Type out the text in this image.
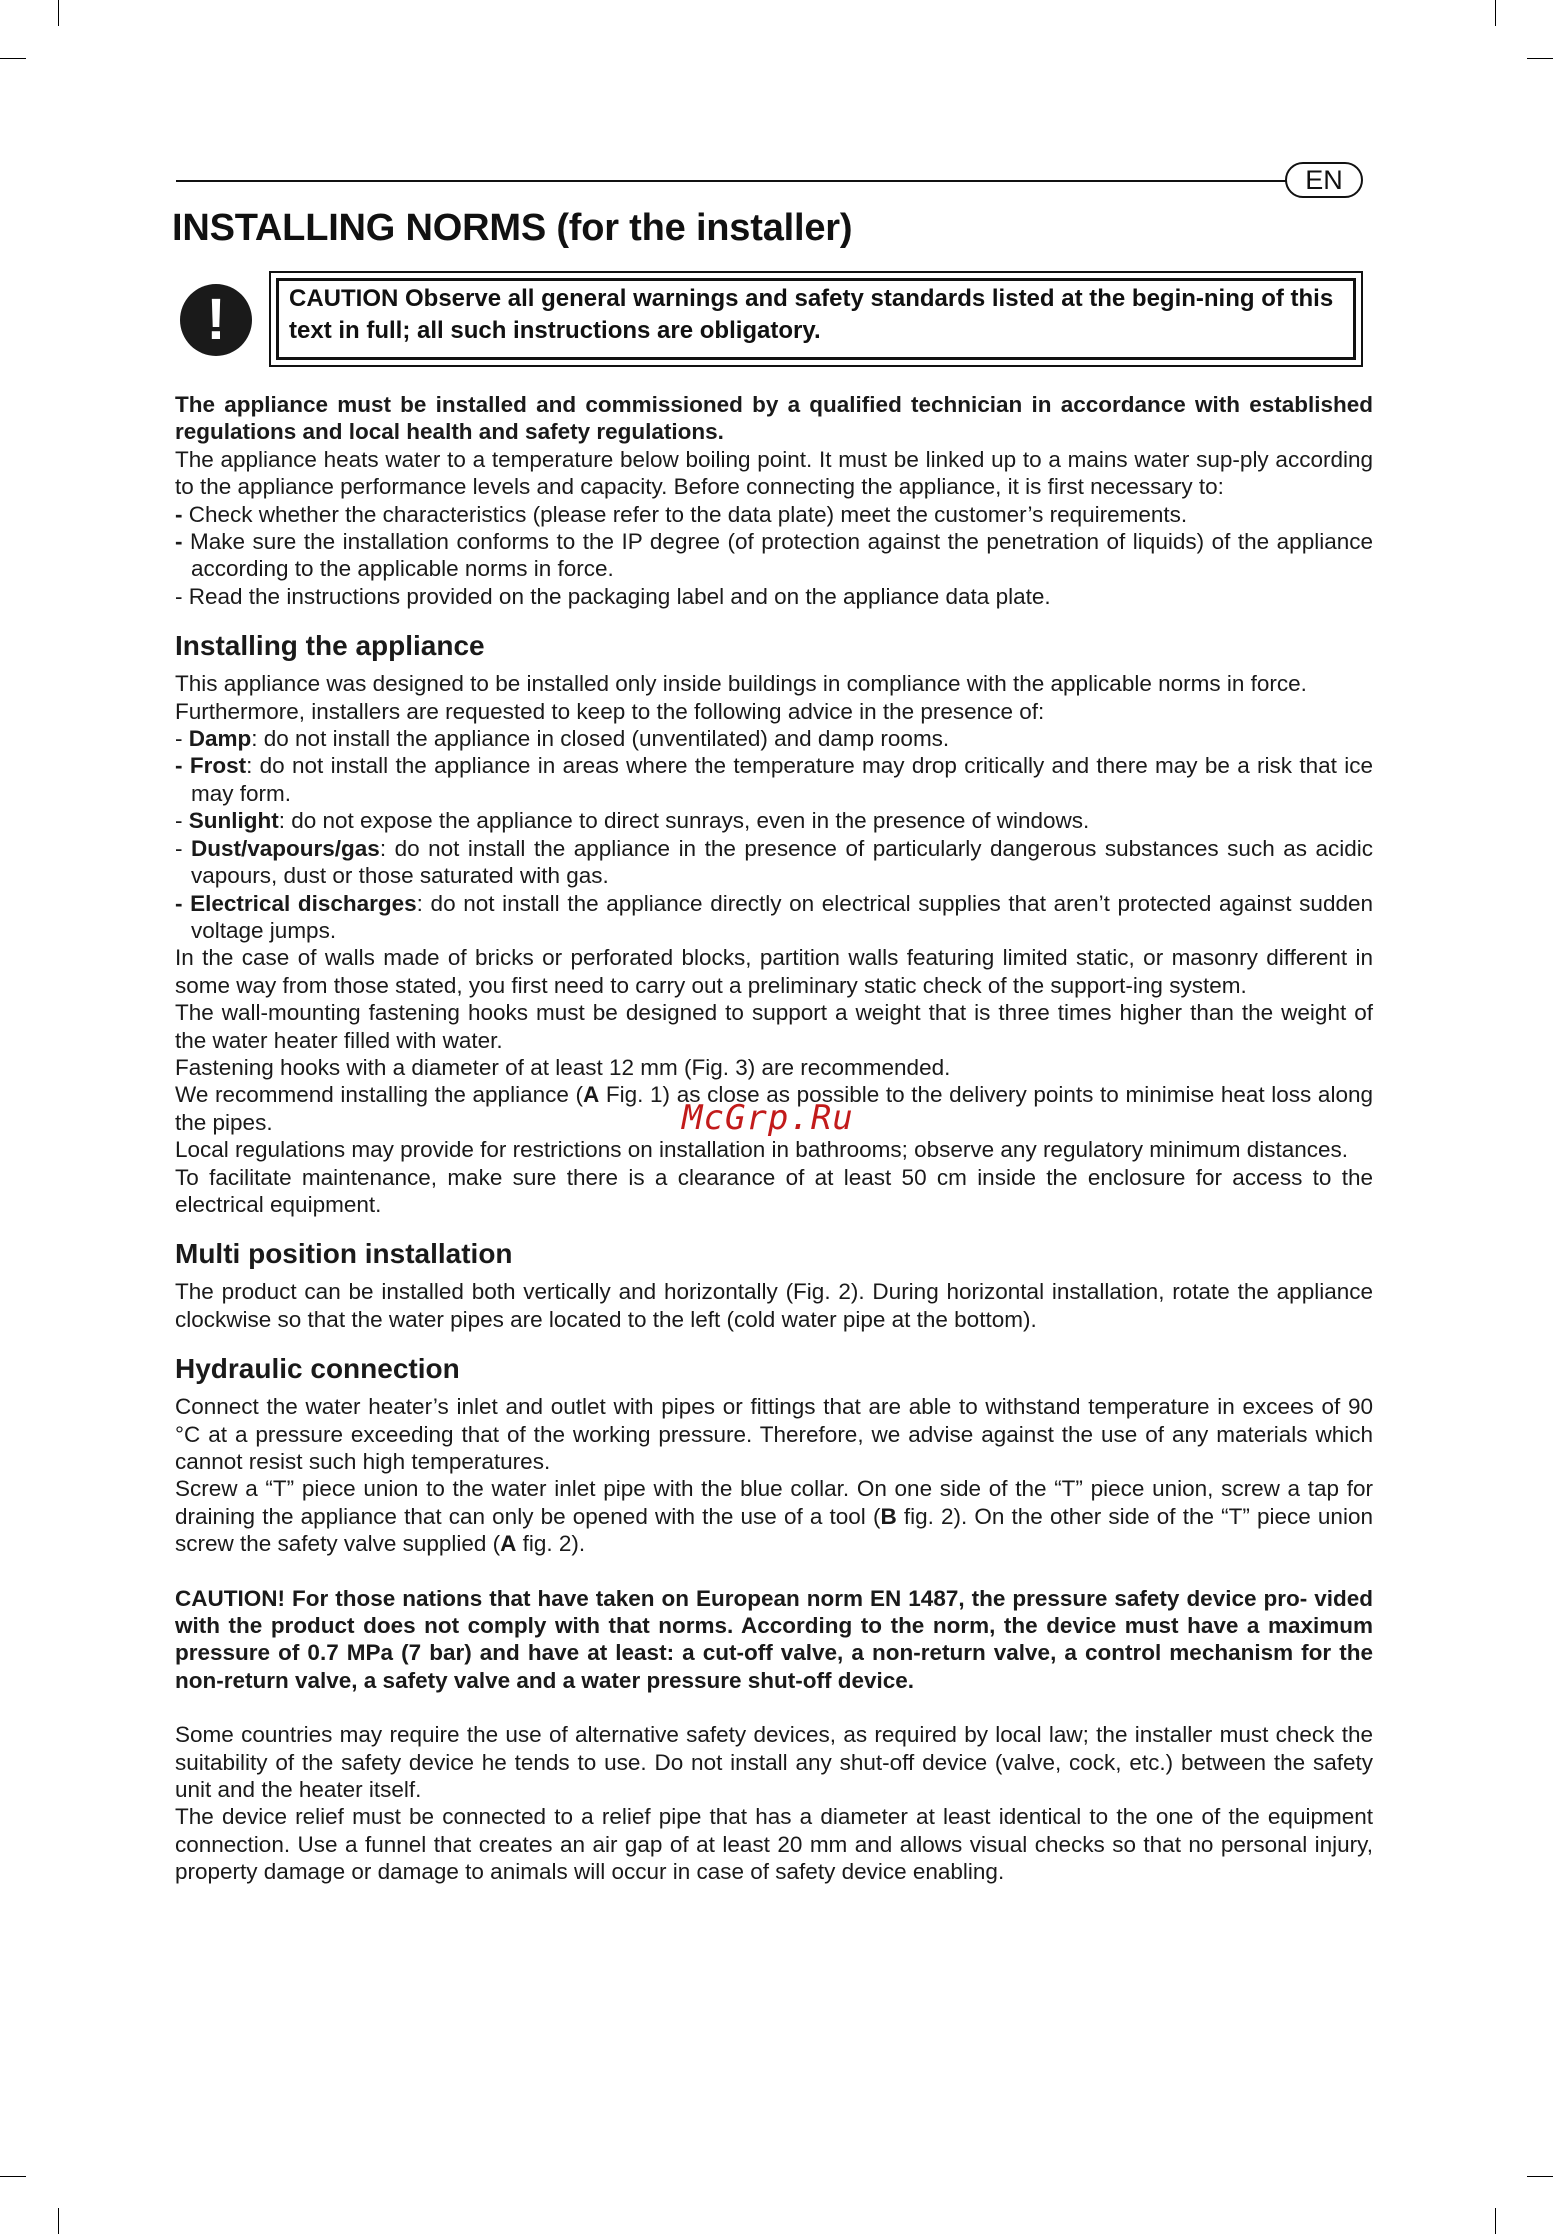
EN
INSTALLING NORMS (for the installer)
!	CAUTION Observe all general warnings and safety standards listed at the begin-ning of this text in full; all such instructions are obligatory.

The appliance must be installed and commissioned by a qualified technician in accordance with established regulations and local health and safety regulations.

The appliance heats water to a temperature below boiling point. It must be linked up to a mains water sup-ply according to the appliance performance levels and capacity. Before connecting the appliance, it is first necessary to:

- Check whether the characteristics (please refer to the data plate) meet the customer’s requirements.

- Make sure the installation conforms to the IP degree (of protection against the penetration of liquids) of the appliance according to the applicable norms in force.

- Read the instructions provided on the packaging label and on the appliance data plate.

Installing the appliance

This appliance was designed to be installed only inside buildings in compliance with the applicable norms in force.

Furthermore, installers are requested to keep to the following advice in the presence of:

- Damp: do not install the appliance in closed (unventilated) and damp rooms.

- Frost: do not install the appliance in areas where the temperature may drop critically and there may be a risk that ice may form.

- Sunlight: do not expose the appliance to direct sunrays, even in the presence of windows.

- Dust/vapours/gas: do not install the appliance in the presence of particularly dangerous substances such as acidic vapours, dust or those saturated with gas.

- Electrical discharges: do not install the appliance directly on electrical supplies that aren’t protected against sudden voltage jumps.

In the case of walls made of bricks or perforated blocks, partition walls featuring limited static, or masonry different in some way from those stated, you first need to carry out a preliminary static check of the support-ing system.

The wall-mounting fastening hooks must be designed to support a weight that is three times higher than the weight of the water heater filled with water.

Fastening hooks with a diameter of at least 12 mm (Fig. 3) are recommended.

We recommend installing the appliance (A Fig. 1) as close as possible to the delivery points to minimise heat loss along the pipes.

Local regulations may provide for restrictions on installation in bathrooms; observe any regulatory minimum distances.

To facilitate maintenance, make sure there is a clearance of at least 50 cm inside the enclosure for access to the electrical equipment.

Multi position installation

The product can be installed both vertically and horizontally (Fig. 2). During horizontal installation, rotate the appliance clockwise so that the water pipes are located to the left (cold water pipe at the bottom).

Hydraulic connection

Connect the water heater’s inlet and outlet with pipes or fittings that are able to withstand temperature in excees of 90 °C at a pressure exceeding that of the working pressure. Therefore, we advise against the use of any materials which cannot resist such high temperatures.

Screw a “T” piece union to the water inlet pipe with the blue collar. On one side of the “T” piece union, screw a tap for draining the appliance that can only be opened with the use of a tool (B fig. 2). On the other side of the “T” piece union screw the safety valve supplied (A fig. 2).

CAUTION! For those nations that have taken on European norm EN 1487, the pressure safety device pro- vided with the product does not comply with that norms. According to the norm, the device must have a maximum pressure of 0.7 MPa (7 bar) and have at least: a cut-off valve, a non-return valve, a control mechanism for the non-return valve, a safety valve and a water pressure shut-off device.

Some countries may require the use of alternative safety devices, as required by local law; the installer must check the suitability of the safety device he tends to use. Do not install any shut-off device (valve, cock, etc.) between the safety unit and the heater itself.

The device relief must be connected to a relief pipe that has a diameter at least identical to the one of the equipment connection. Use a funnel that creates an air gap of at least 20 mm and allows visual checks so that no personal injury, property damage or damage to animals will occur in case of safety device enabling.

McGrp.Ru
